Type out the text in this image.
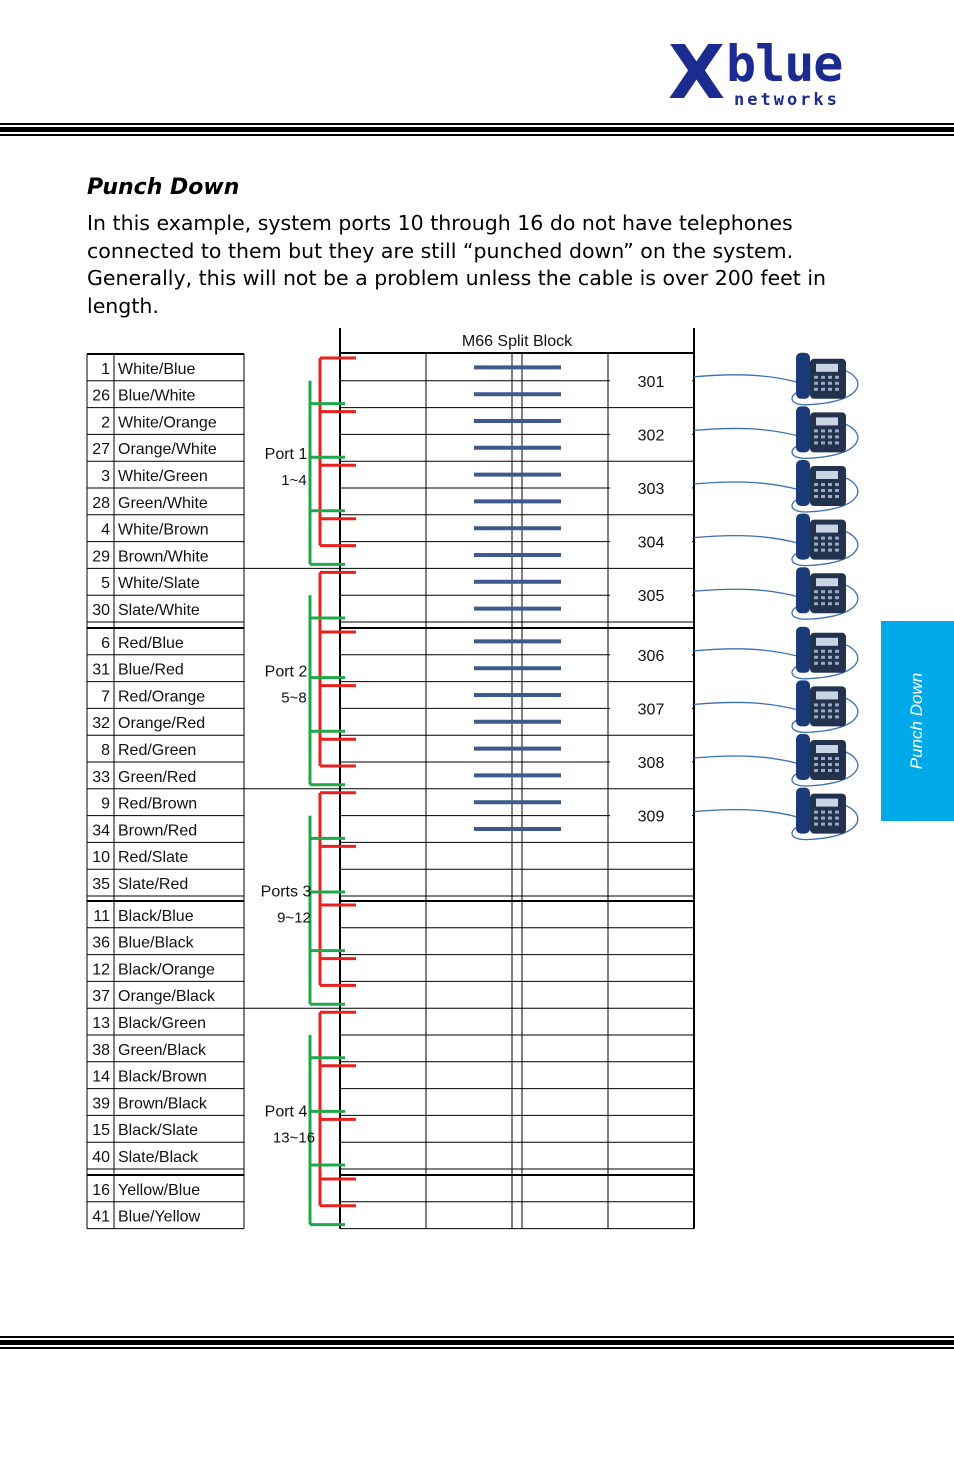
X blue
networks
Punch Down

In this example, system ports 10 through 16 do not have telephones connected to them but they are still “punched down” on the system. Generally, this will not be a problem unless the cable is over 200 feet in length.

1 White/Blue
26 Blue/White
2 White/Orange
27 Orange/White
3 White/Green
28 Green/White
4 White/Brown
29 Brown/White
5 White/Slate
30 Slate/White
6 Red/Blue
31 Blue/Red
7 Red/Orange
32 Orange/Red
8 Red/Green
33 Green/Red
9 Red/Brown
34 Brown/Red
10 Red/Slate
35 Slate/Red
11 Black/Blue
36 Blue/Black
12 Black/Orange
37 Orange/Black
13 Black/Green
38 Green/Black
14 Black/Brown
39 Brown/Black
15 Black/Slate
40 Slate/Black
16 Yellow/Blue
41 Blue/Yellow
M66 Split Block
301
302
303
304
305
306
307
308
309
Port 1
1~4
Port 2
5~8
Ports 3
9~12
Port 4
13~16
Punch Down
